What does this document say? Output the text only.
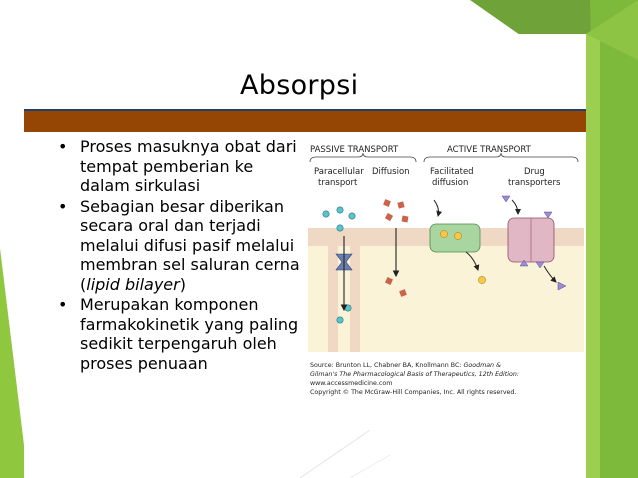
Absorpsi
• Proses masuknya obat dari tempat pemberian ke dalam sirkulasi
• Sebagian besar diberikan secara oral dan terjadi melalui difusi pasif melalui membran sel saluran cerna (lipid bilayer)
• Merupakan komponen farmakokinetik yang paling sedikit terpengaruh oleh proses penuaan
PASSIVE TRANSPORT	ACTIVE TRANSPORT
Paracellular
transport
Diffusion Facilitated
diffusion
Drug
transporters
Source: Brunton LL, Chabner BA, Knollmann BC: Goodman &
Gilman's The Pharmacological Basis of Therapeutics, 12th Edition:
www.accessmedicine.com
Copyright © The McGraw-Hill Companies, Inc. All rights reserved.
